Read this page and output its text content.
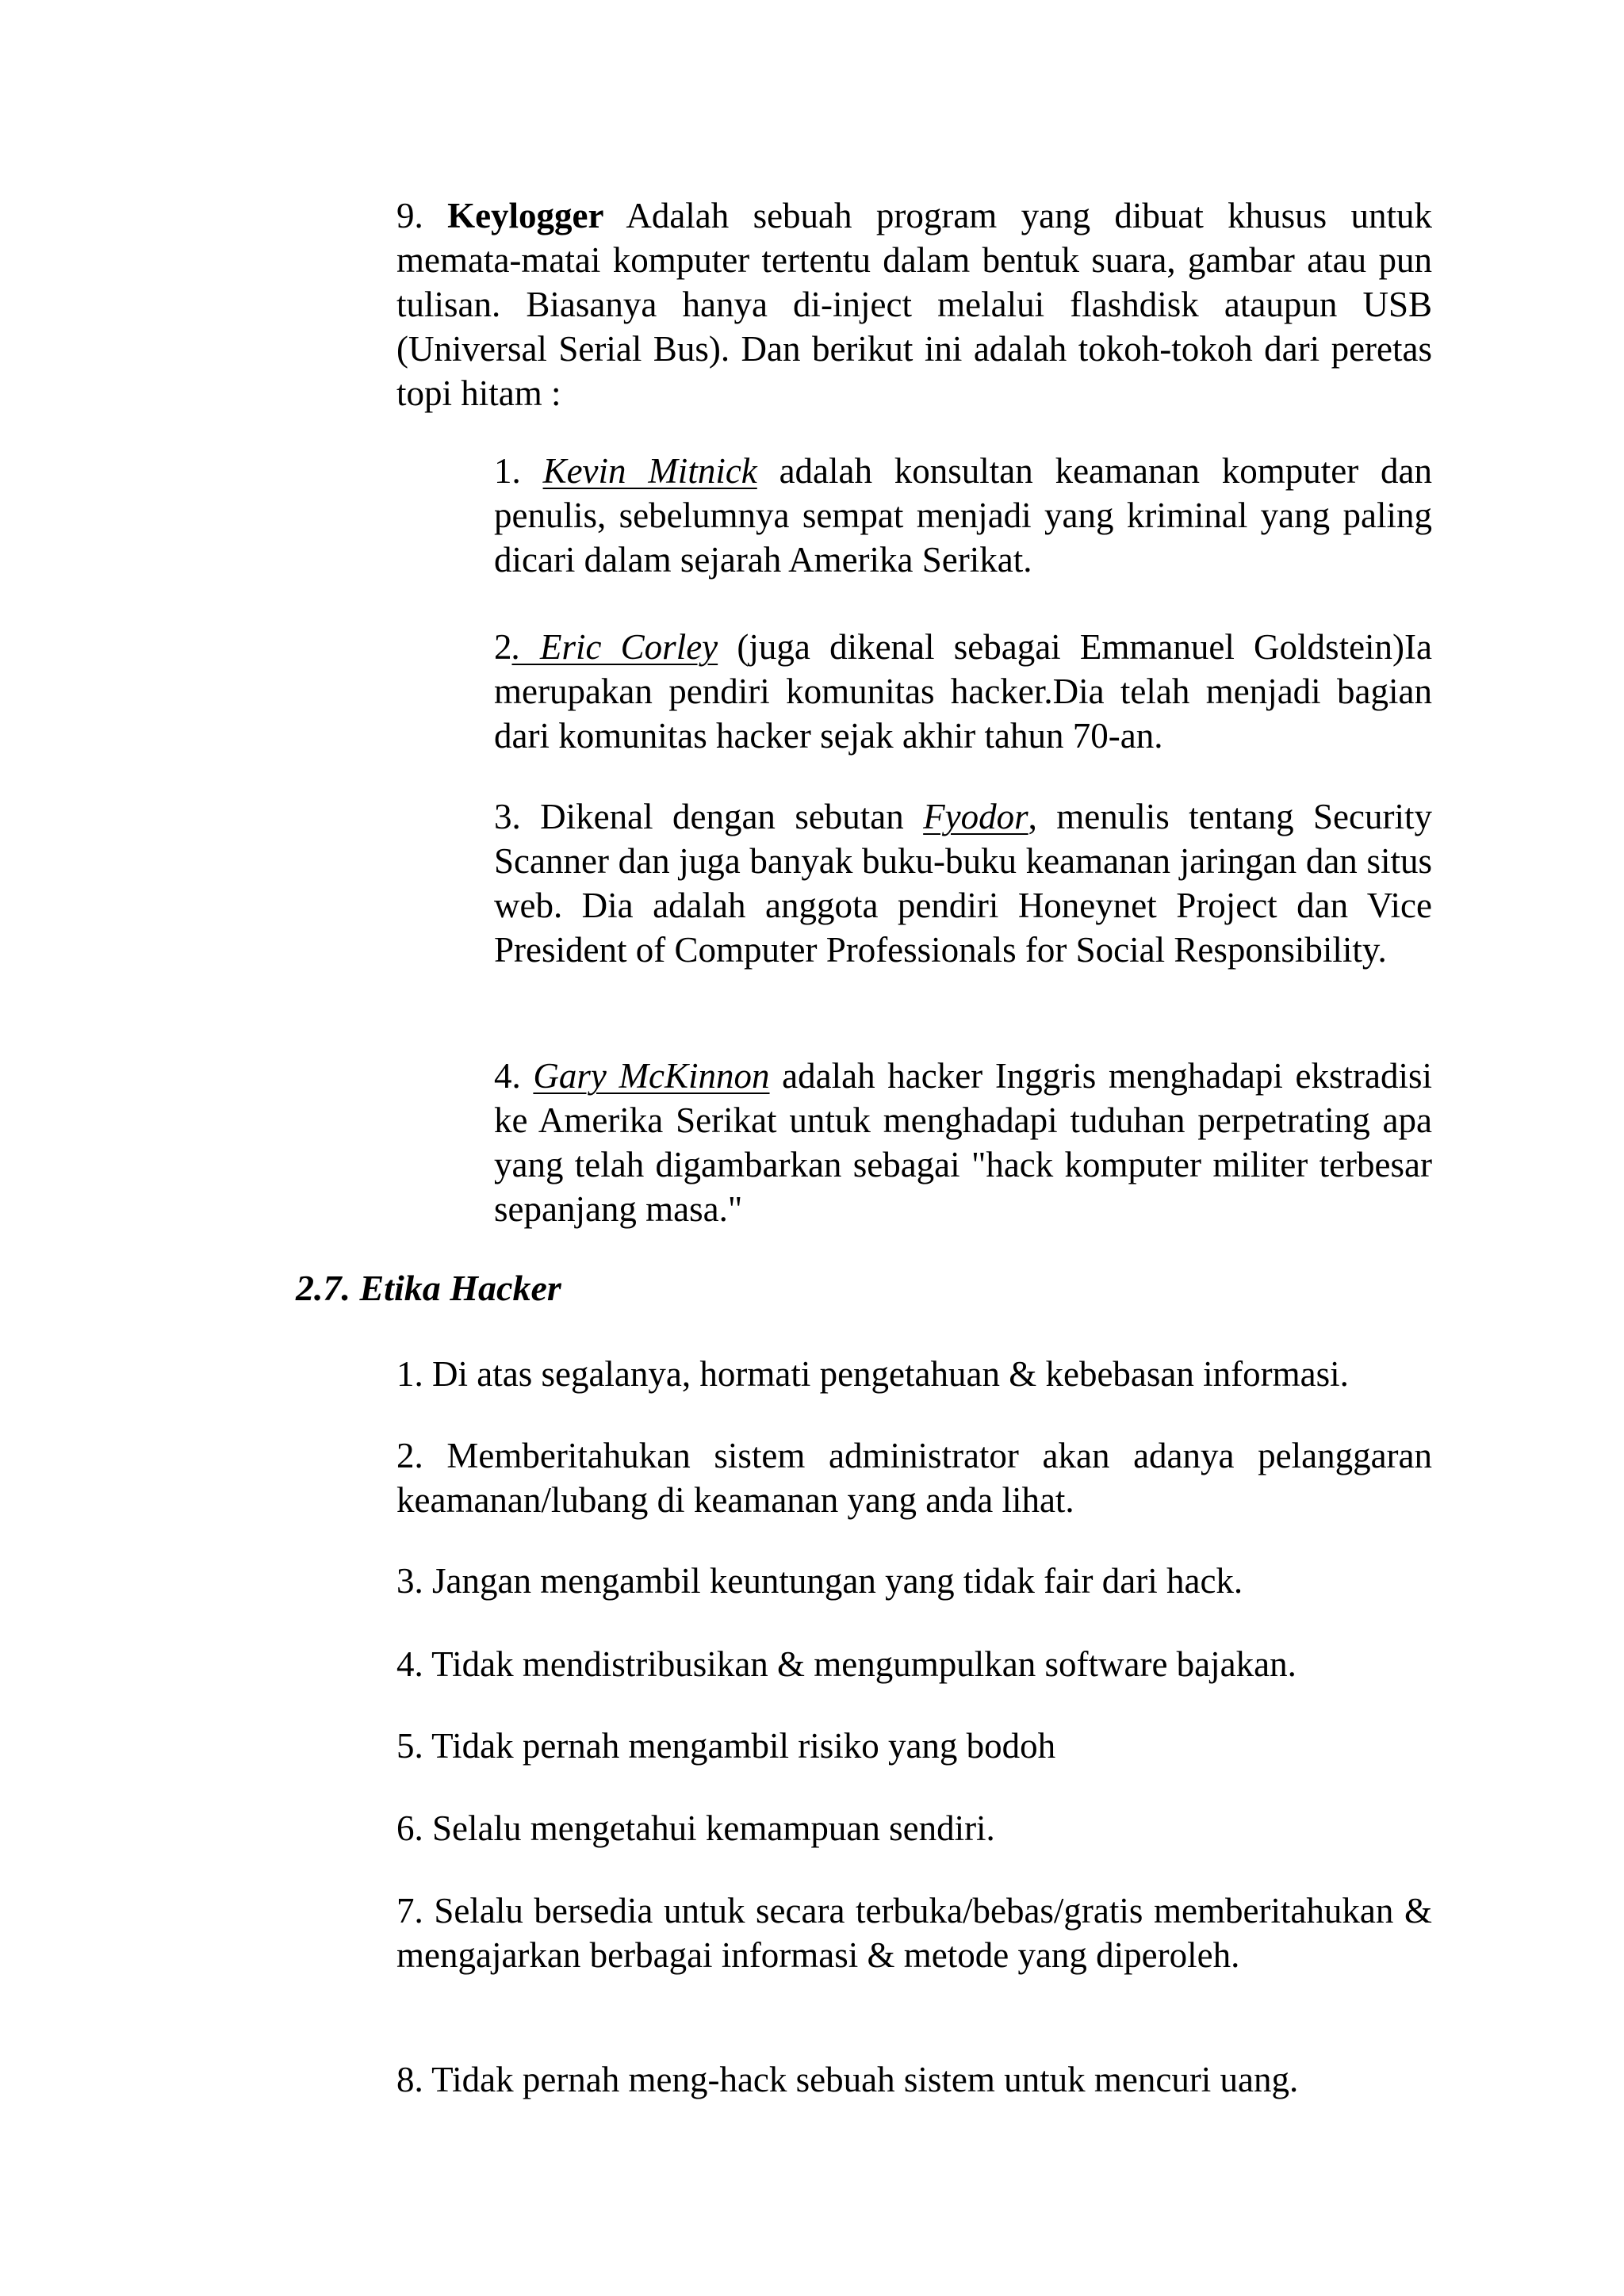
9. Keylogger Adalah sebuah program yang dibuat khusus untuk memata-matai komputer tertentu dalam bentuk suara, gambar atau pun tulisan. Biasanya hanya di-inject melalui flashdisk ataupun USB (Universal Serial Bus). Dan berikut ini adalah tokoh-tokoh dari peretas topi hitam :

1. Kevin Mitnick adalah konsultan keamanan komputer dan penulis, sebelumnya sempat menjadi yang kriminal yang paling dicari dalam sejarah Amerika Serikat.

2. Eric Corley (juga dikenal sebagai Emmanuel Goldstein)Ia merupakan pendiri komunitas hacker.Dia telah menjadi bagian dari komunitas hacker sejak akhir tahun 70-an.

3. Dikenal dengan sebutan Fyodor, menulis tentang Security Scanner dan juga banyak buku-buku keamanan jaringan dan situs web. Dia adalah anggota pendiri Honeynet Project dan Vice President of Computer Professionals for Social Responsibility.

4. Gary McKinnon adalah hacker Inggris menghadapi ekstradisi ke Amerika Serikat untuk menghadapi tuduhan perpetrating apa yang telah digambarkan sebagai "hack komputer militer terbesar sepanjang masa."

2.7. Etika Hacker

1. Di atas segalanya, hormati pengetahuan & kebebasan informasi.

2. Memberitahukan sistem administrator akan adanya pelanggaran keamanan/lubang di keamanan yang anda lihat.

3. Jangan mengambil keuntungan yang tidak fair dari hack.

4. Tidak mendistribusikan & mengumpulkan software bajakan.

5. Tidak pernah mengambil risiko yang bodoh

6. Selalu mengetahui kemampuan sendiri.

7. Selalu bersedia untuk secara terbuka/bebas/gratis memberitahukan & mengajarkan berbagai informasi & metode yang diperoleh.

8. Tidak pernah meng-hack sebuah sistem untuk mencuri uang.
